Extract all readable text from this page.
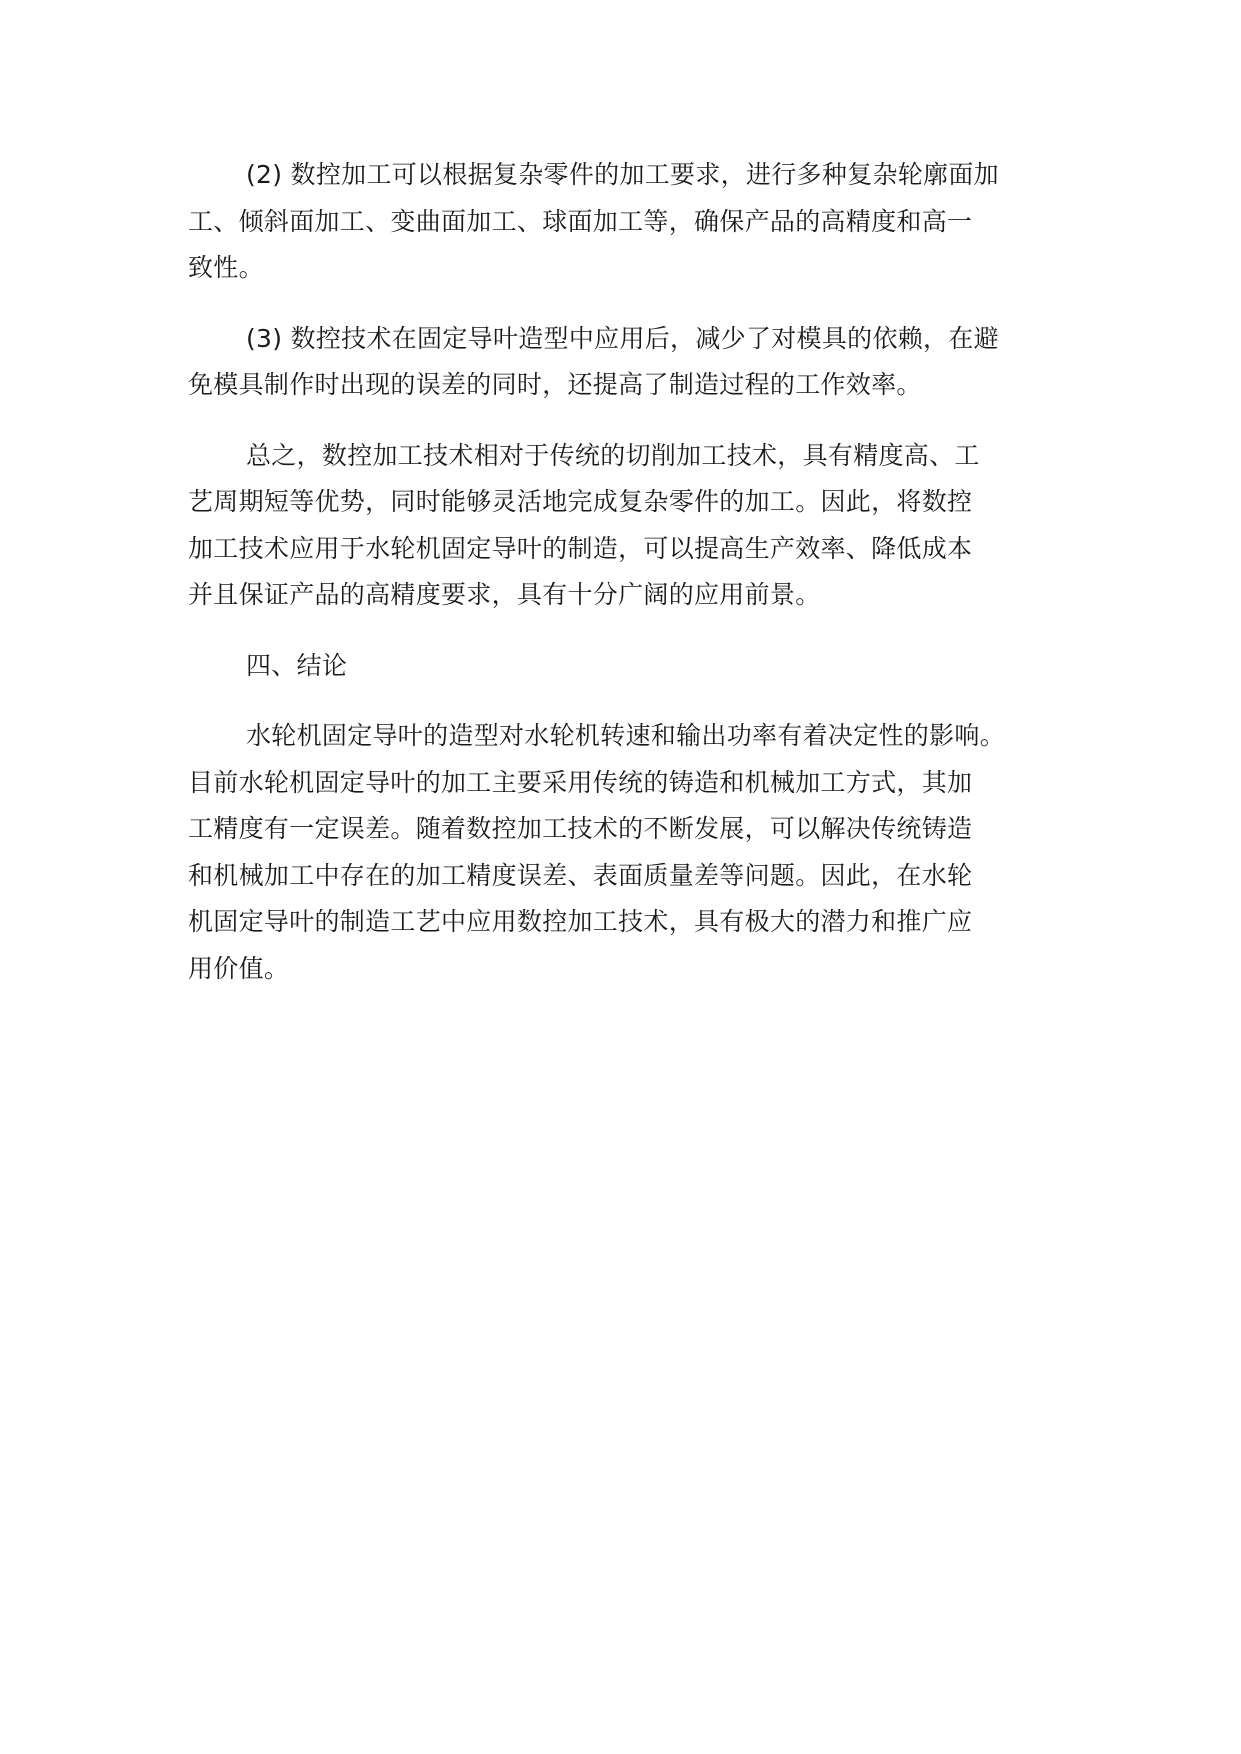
(2) 数控加工可以根据复杂零件的加工要求，进行多种复杂轮廓面加
工、倾斜面加工、变曲面加工、球面加工等，确保产品的高精度和高一
致性。

(3) 数控技术在固定导叶造型中应用后，减少了对模具的依赖，在避
免模具制作时出现的误差的同时，还提高了制造过程的工作效率。

总之，数控加工技术相对于传统的切削加工技术，具有精度高、工
艺周期短等优势，同时能够灵活地完成复杂零件的加工。因此，将数控
加工技术应用于水轮机固定导叶的制造，可以提高生产效率、降低成本
并且保证产品的高精度要求，具有十分广阔的应用前景。

四、结论

水轮机固定导叶的造型对水轮机转速和输出功率有着决定性的影响。
目前水轮机固定导叶的加工主要采用传统的铸造和机械加工方式，其加
工精度有一定误差。随着数控加工技术的不断发展，可以解决传统铸造
和机械加工中存在的加工精度误差、表面质量差等问题。因此，在水轮
机固定导叶的制造工艺中应用数控加工技术，具有极大的潜力和推广应
用价值。
